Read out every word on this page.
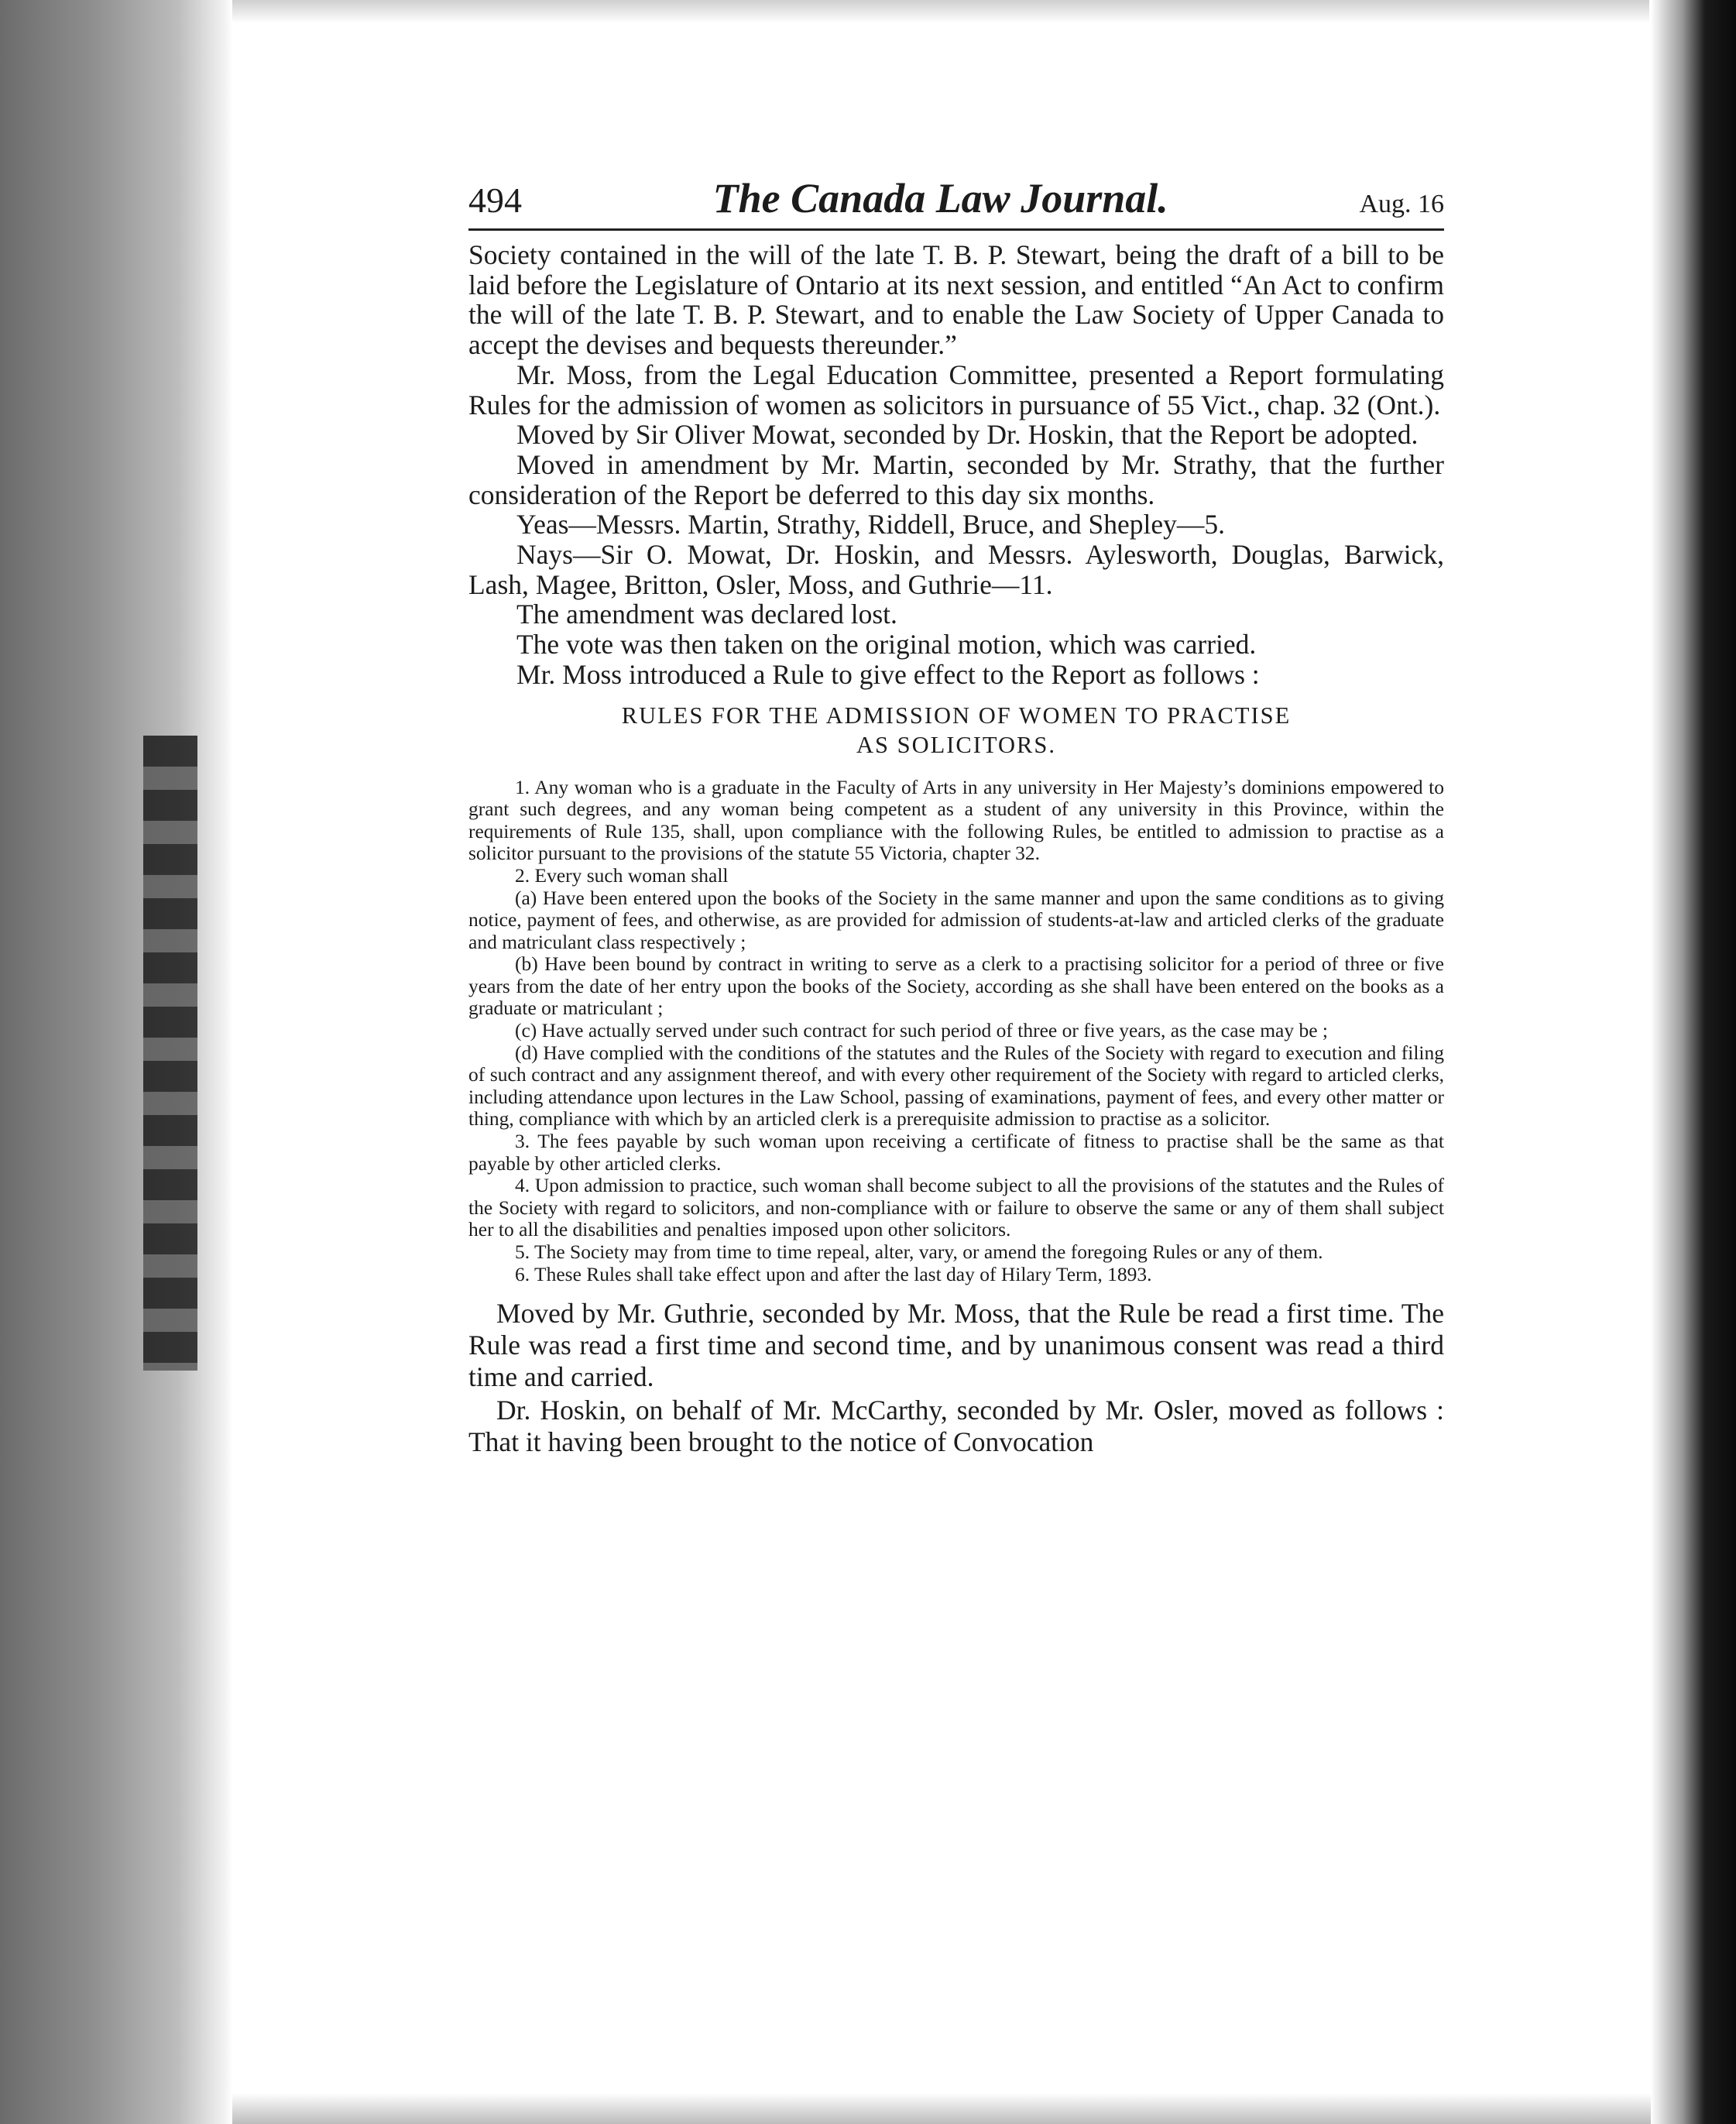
494	The Canada Law Journal.	Aug. 16

Society contained in the will of the late T. B. P. Stewart, being the draft of a bill to be laid before the Legislature of Ontario at its next session, and entitled “An Act to confirm the will of the late T. B. P. Stewart, and to enable the Law Society of Upper Canada to accept the devises and bequests thereunder.”

Mr. Moss, from the Legal Education Committee, presented a Report formulating Rules for the admission of women as solicitors in pursuance of 55 Vict., chap. 32 (Ont.).

Moved by Sir Oliver Mowat, seconded by Dr. Hoskin, that the Report be adopted.

Moved in amendment by Mr. Martin, seconded by Mr. Strathy, that the further consideration of the Report be deferred to this day six months.

Yeas—Messrs. Martin, Strathy, Riddell, Bruce, and Shepley—5.

Nays—Sir O. Mowat, Dr. Hoskin, and Messrs. Aylesworth, Douglas, Barwick, Lash, Magee, Britton, Osler, Moss, and Guthrie—11.

The amendment was declared lost.

The vote was then taken on the original motion, which was carried.

Mr. Moss introduced a Rule to give effect to the Report as follows :

RULES FOR THE ADMISSION OF WOMEN TO PRACTISE
AS SOLICITORS.

1. Any woman who is a graduate in the Faculty of Arts in any university in Her Majesty’s dominions empowered to grant such degrees, and any woman being competent as a student of any university in this Province, within the requirements of Rule 135, shall, upon compliance with the following Rules, be entitled to admission to practise as a solicitor pursuant to the provisions of the statute 55 Victoria, chapter 32.

2. Every such woman shall

(a) Have been entered upon the books of the Society in the same manner and upon the same conditions as to giving notice, payment of fees, and otherwise, as are provided for admission of students-at-law and articled clerks of the graduate and matriculant class respectively ;

(b) Have been bound by contract in writing to serve as a clerk to a practising solicitor for a period of three or five years from the date of her entry upon the books of the Society, according as she shall have been entered on the books as a graduate or matriculant ;

(c) Have actually served under such contract for such period of three or five years, as the case may be ;

(d) Have complied with the conditions of the statutes and the Rules of the Society with regard to execution and filing of such contract and any assignment thereof, and with every other requirement of the Society with regard to articled clerks, including attendance upon lectures in the Law School, passing of examinations, payment of fees, and every other matter or thing, compliance with which by an articled clerk is a prerequisite admission to practise as a solicitor.

3. The fees payable by such woman upon receiving a certificate of fitness to practise shall be the same as that payable by other articled clerks.

4. Upon admission to practice, such woman shall become subject to all the provisions of the statutes and the Rules of the Society with regard to solicitors, and non-compliance with or failure to observe the same or any of them shall subject her to all the disabilities and penalties imposed upon other solicitors.

5. The Society may from time to time repeal, alter, vary, or amend the foregoing Rules or any of them.

6. These Rules shall take effect upon and after the last day of Hilary Term, 1893.

Moved by Mr. Guthrie, seconded by Mr. Moss, that the Rule be read a first time. The Rule was read a first time and second time, and by unanimous consent was read a third time and carried.

Dr. Hoskin, on behalf of Mr. McCarthy, seconded by Mr. Osler, moved as follows : That it having been brought to the notice of Convocation
